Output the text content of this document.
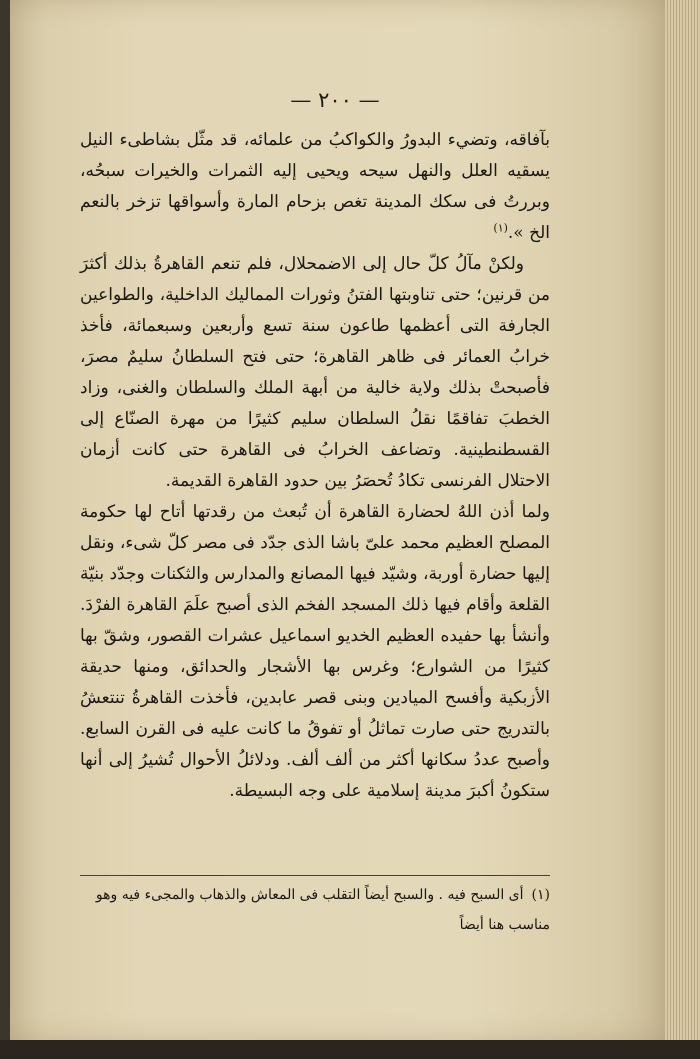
— ٢٠٠ —

بآفاقه، وتضيء البدورُ والكواكبُ من علمائه، قد مثّل بشاطىء النيل يسقيه العلل والنهل سيحه ويحيى إليه الثمرات والخيرات سبحُه، وبررتُ فى سكك المدينة تغص بزحام المارة وأسواقها تزخر بالنعم الخ ».$^{(١)}$

ولكنْ مآلُ كلّ حال إلى الاضمحلال، فلم تنعم القاهرةُ بذلك أكثرَ من قرنين؛ حتى تناوبتها الفتنُ وثورات المماليك الداخلية، والطواعين الجارفة التى أعظمها طاعون سنة تسع وأربعين وسبعمائة، فأخذ خرابُ العمائر فى ظاهر القاهرة؛ حتى فتح السلطانُ سليمٌ مصرَ، فأصبحتْ بذلك ولاية خالية من أبهة الملك والسلطان والغنى، وزاد الخطبَ تفاقمًا نقلُ السلطان سليم كثيرًا من مهرة الصنّاع إلى القسطنطينية. وتضاعف الخرابُ فى القاهرة حتى كانت أزمان الاحتلال الفرنسى تكادُ تُحصَرُ بين حدود القاهرة القديمة.

ولما أذن اللهُ لحضارة القاهرة أن تُبعث من رقدتها أتاح لها حكومة المصلح العظيم محمد علىّ باشا الذى جدّد فى مصر كلّ شىء، ونقل إليها حضارة أوربة، وشيّد فيها المصانع والمدارس والثكنات وجدّد بنيّة القلعة وأقام فيها ذلك المسجد الفخم الذى أصبح علَمَ القاهرة الفرْدَ. وأنشأ بها حفيده العظيم الخديو اسماعيل عشرات القصور، وشقّ بها كثيرًا من الشوارع؛ وغرس بها الأشجار والحدائق، ومنها حديقة الأزبكية وأفسح الميادين وبنى قصر عابدين، فأخذت القاهرةُ تنتعشُ بالتدريج حتى صارت تماثلُ أو تفوقُ ما كانت عليه فى القرن السابع. وأصبح عددُ سكانها أكثر من ألف ألف. ودلائلُ الأحوال تُشيرُ إلى أنها ستكونُ أكبرَ مدينة إسلامية على وجه البسيطة.

(١)أى السبح فيه . والسبح أيضاً التقلب فى المعاش والذهاب والمجىء فيه وهو مناسب هنا أيضاً
